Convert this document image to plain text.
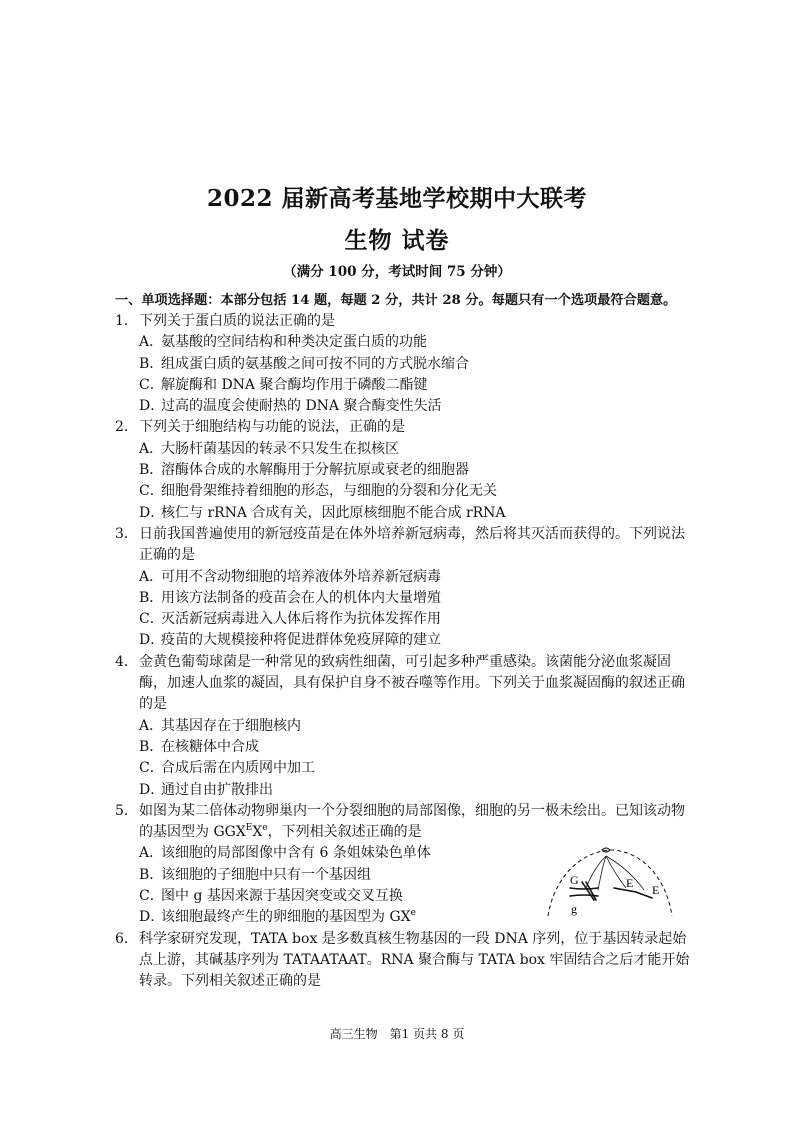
2022 届新高考基地学校期中大联考
生物 试卷
（满分 100 分，考试时间 75 分钟）
一、单项选择题：本部分包括 14 题，每题 2 分，共计 28 分。每题只有一个选项最符合题意。
1． 下列关于蛋白质的说法正确的是
A．氨基酸的空间结构和种类决定蛋白质的功能
B．组成蛋白质的氨基酸之间可按不同的方式脱水缩合
C．解旋酶和 DNA 聚合酶均作用于磷酸二酯键
D．过高的温度会使耐热的 DNA 聚合酶变性失活
2． 下列关于细胞结构与功能的说法，正确的是
A．大肠杆菌基因的转录不只发生在拟核区
B．溶酶体合成的水解酶用于分解抗原或衰老的细胞器
C．细胞骨架维持着细胞的形态，与细胞的分裂和分化无关
D．核仁与 rRNA 合成有关，因此原核细胞不能合成 rRNA
3． 日前我国普遍使用的新冠疫苗是在体外培养新冠病毒，然后将其灭活而获得的。下列说法正确的是
A．可用不含动物细胞的培养液体外培养新冠病毒
B．用该方法制备的疫苗会在人的机体内大量增殖
C．灭活新冠病毒进入人体后将作为抗体发挥作用
D．疫苗的大规模接种将促进群体免疫屏障的建立
4． 金黄色葡萄球菌是一种常见的致病性细菌，可引起多种严重感染。该菌能分泌血浆凝固酶，加速人血浆的凝固，具有保护自身不被吞噬等作用。下列关于血浆凝固酶的叙述正确的是
A．其基因存在于细胞核内
B．在核糖体中合成
C．合成后需在内质网中加工
D．通过自由扩散排出
5． 如图为某二倍体动物卵巢内一个分裂细胞的局部图像，细胞的另一极未绘出。已知该动物的基因型为 $GGX^EXe$，下列相关叙述正确的是
A．该细胞的局部图像中含有 6 条姐妹染色单体
B．该细胞的子细胞中只有一个基因组
C．图中 g 基因来源于基因突变或交叉互换
D．该细胞最终产生的卵细胞的基因型为 $GX^e$
6． 科学家研究发现，TATA box 是多数真核生物基因的一段 DNA 序列，位于基因转录起始点上游，其碱基序列为 TATAATAAT。RNA 聚合酶与 TATA box 牢固结合之后才能开始转录。下列相关叙述正确的是
G
g
E E
高三生物　第1 页共 8 页
